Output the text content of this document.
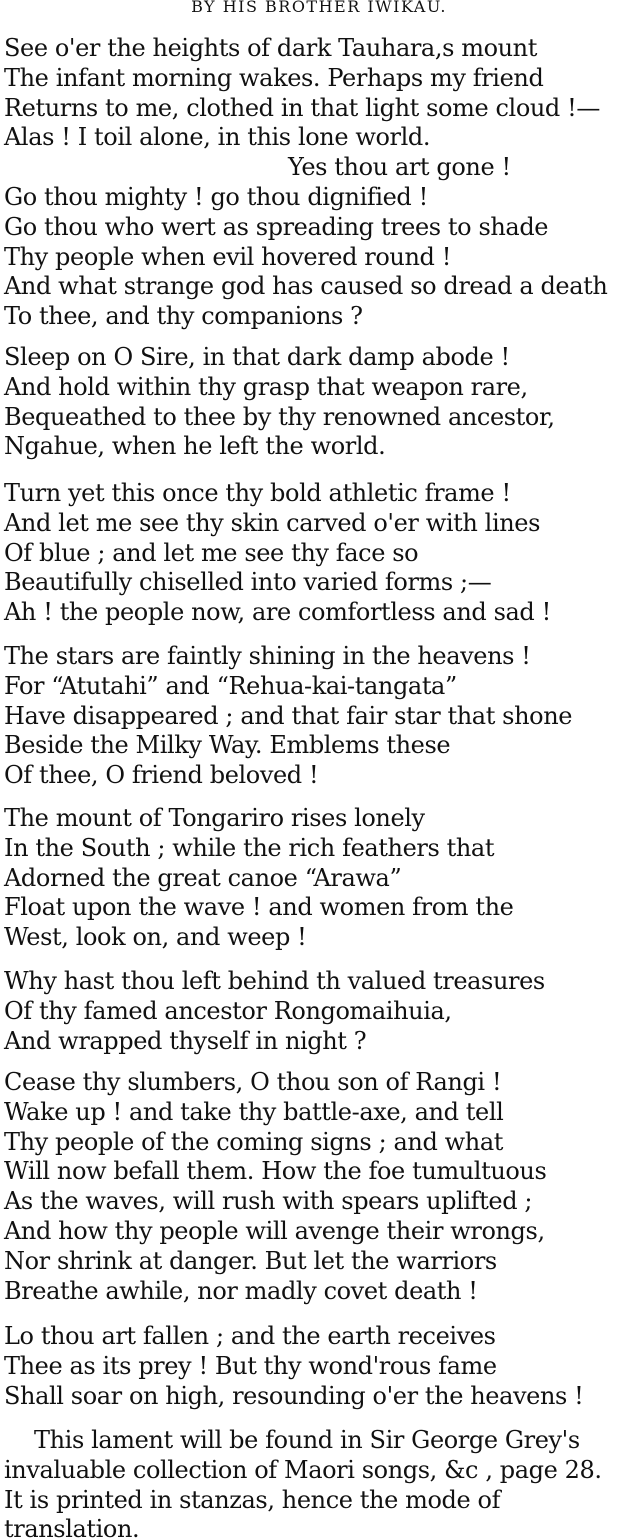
BY HIS BROTHER IWIKAU.
See o'er the heights of dark Tauhara,s mount
The infant morning wakes. Perhaps my friend
Returns to me, clothed in that light some cloud !—
Alas ! I toil alone, in this lone world.
Yes thou art gone !
Go thou mighty ! go thou dignified !
Go thou who wert as spreading trees to shade
Thy people when evil hovered round !
And what strange god has caused so dread a death
To thee, and thy companions ?
Sleep on O Sire, in that dark damp abode !
And hold within thy grasp that weapon rare,
Bequeathed to thee by thy renowned ancestor,
Ngahue, when he left the world.
Turn yet this once thy bold athletic frame !
And let me see thy skin carved o'er with lines
Of blue ; and let me see thy face so
Beautifully chiselled into varied forms ;—
Ah ! the people now, are comfortless and sad !
The stars are faintly shining in the heavens !
For “Atutahi” and “Rehua-kai-tangata”
Have disappeared ; and that fair star that shone
Beside the Milky Way. Emblems these
Of thee, O friend beloved !
The mount of Tongariro rises lonely
In the South ; while the rich feathers that
Adorned the great canoe “Arawa”
Float upon the wave ! and women from the
West, look on, and weep !
Why hast thou left behind th valued treasures
Of thy famed ancestor Rongomaihuia,
And wrapped thyself in night ?
Cease thy slumbers, O thou son of Rangi !
Wake up ! and take thy battle-axe, and tell
Thy people of the coming signs ; and what
Will now befall them. How the foe tumultuous
As the waves, will rush with spears uplifted ;
And how thy people will avenge their wrongs,
Nor shrink at danger. But let the warriors
Breathe awhile, nor madly covet death !
Lo thou art fallen ; and the earth receives
Thee as its prey ! But thy wond'rous fame
Shall soar on high, resounding o'er the heavens !
This lament will be found in Sir George Grey's
invaluable collection of Maori songs, &c , page 28.
It is printed in stanzas, hence the mode of
translation.
